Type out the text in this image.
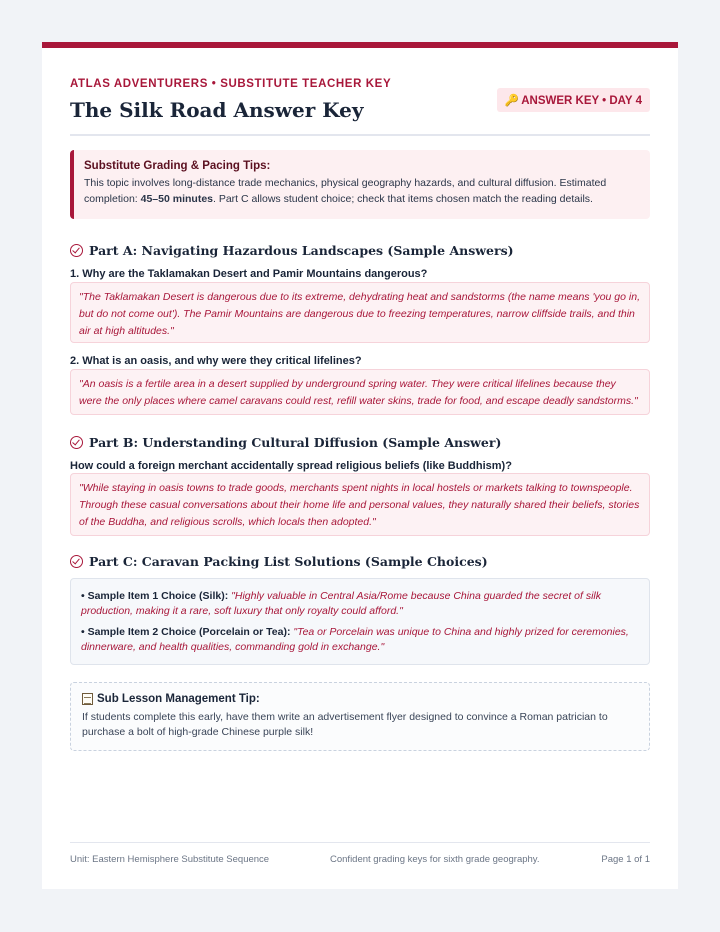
ATLAS ADVENTURERS • SUBSTITUTE TEACHER KEY
The Silk Road Answer Key	🔑 ANSWER KEY • DAY 4
Substitute Grading & Pacing Tips:
This topic involves long-distance trade mechanics, physical geography hazards, and cultural diffusion. Estimated completion: 45–50 minutes. Part C allows student choice; check that items chosen match the reading details.
Part A: Navigating Hazardous Landscapes (Sample Answers)
1. Why are the Taklamakan Desert and Pamir Mountains dangerous?
"The Taklamakan Desert is dangerous due to its extreme, dehydrating heat and sandstorms (the name means 'you go in, but do not come out'). The Pamir Mountains are dangerous due to freezing temperatures, narrow cliffside trails, and thin air at high altitudes."
2. What is an oasis, and why were they critical lifelines?
"An oasis is a fertile area in a desert supplied by underground spring water. They were critical lifelines because they were the only places where camel caravans could rest, refill water skins, trade for food, and escape deadly sandstorms."
Part B: Understanding Cultural Diffusion (Sample Answer)
How could a foreign merchant accidentally spread religious beliefs (like Buddhism)?
"While staying in oasis towns to trade goods, merchants spent nights in local hostels or markets talking to townspeople. Through these casual conversations about their home life and personal values, they naturally shared their beliefs, stories of the Buddha, and religious scrolls, which locals then adopted."
Part C: Caravan Packing List Solutions (Sample Choices)
• Sample Item 1 Choice (Silk): "Highly valuable in Central Asia/Rome because China guarded the secret of silk production, making it a rare, soft luxury that only royalty could afford."
• Sample Item 2 Choice (Porcelain or Tea): "Tea or Porcelain was unique to China and highly prized for ceremonies, dinnerware, and health qualities, commanding gold in exchange."
Sub Lesson Management Tip:
If students complete this early, have them write an advertisement flyer designed to convince a Roman patrician to purchase a bolt of high-grade Chinese purple silk!
Unit: Eastern Hemisphere Substitute Sequence	Confident grading keys for sixth grade geography.	Page 1 of 1
